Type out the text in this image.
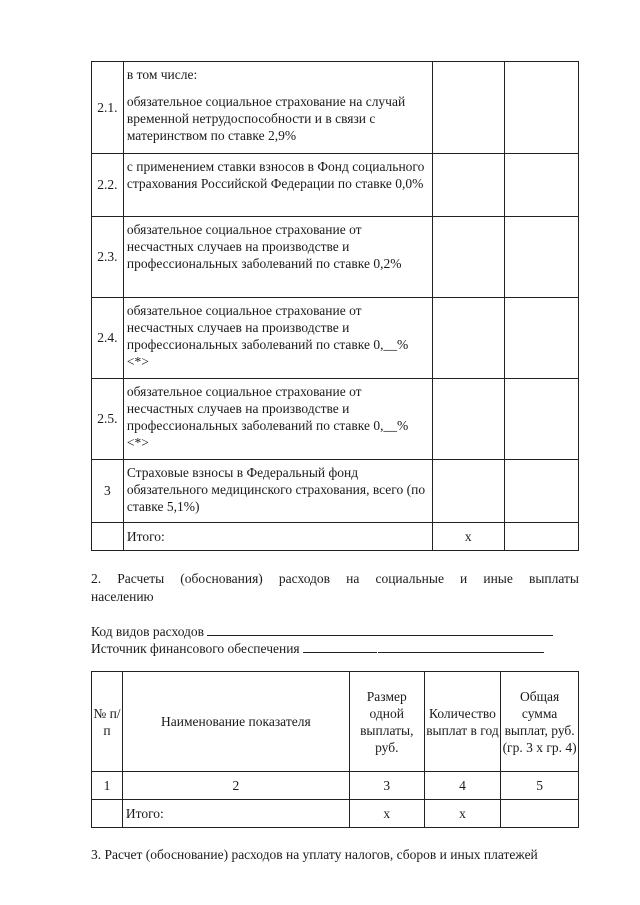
2.1.	в том числе:
обязательное социальное страхование на случай временной нетрудоспособности и в связи с материнством по ставке 2,9%		

2.2.	с применением ставки взносов в Фонд социального страхования Российской Федерации по ставке 0,0%		
2.3.	обязательное социальное страхование от несчастных случаев на производстве и профессиональных заболеваний по ставке 0,2%		
2.4.	обязательное социальное страхование от несчастных случаев на производстве и профессиональных заболеваний по ставке 0,__% <*>		
2.5.	обязательное социальное страхование от несчастных случаев на производстве и профессиональных заболеваний по ставке 0,__% <*>		
3	Страховые взносы в Федеральный фонд обязательного медицинского страхования, всего (по ставке 5,1%)		
	Итого:	х	
2. Расчеты (обоснования) расходов на социальные и иные выплаты населению
Код видов расходов
Источник финансового обеспечения
№ п/п	Наименование показателя	Размер одной выплаты, руб.	Количество выплат в год	Общая сумма выплат, руб. (гр. 3 х гр. 4)
1	2	3	4	5
	Итого:	х	х	
3. Расчет (обоснование) расходов на уплату налогов, сборов и иных платежей
